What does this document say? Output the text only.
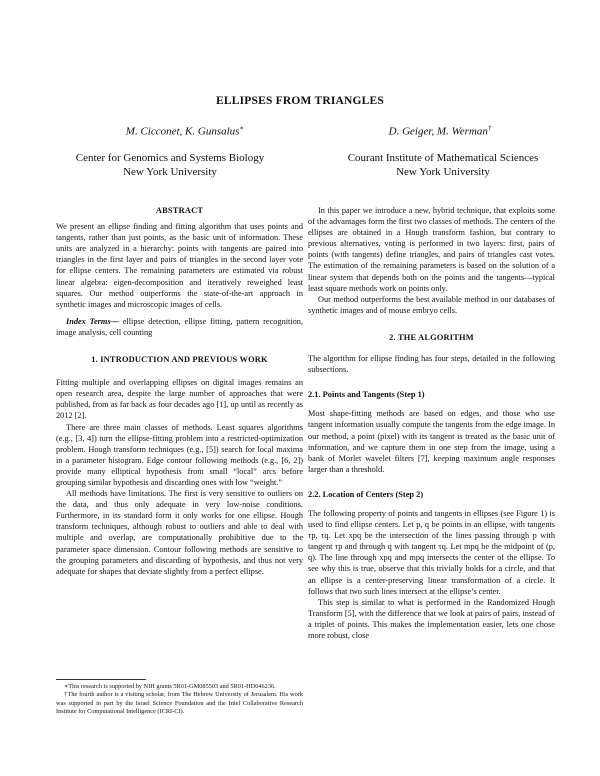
ELLIPSES FROM TRIANGLES
M. Cicconet, K. Gunsalus∗	D. Geiger, M. Werman†
Center for Genomics and Systems Biology
New York University
Courant Institute of Mathematical Sciences
New York University
ABSTRACT

We present an ellipse finding and fitting algorithm that uses points and tangents, rather than just points, as the basic unit of information. These units are analyzed in a hierarchy: points with tangents are paired into triangles in the first layer and pairs of triangles in the second layer vote for ellipse centers. The remaining parameters are estimated via robust linear algebra: eigen-decomposition and iteratively reweighed least squares. Our method outperforms the state-of-the-art approach in synthetic images and microscopic images of cells.

Index Terms— ellipse detection, ellipse fitting, pattern recognition, image analysis, cell counting

1. INTRODUCTION AND PREVIOUS WORK

Fitting multiple and overlapping ellipses on digital images remains an open research area, despite the large number of approaches that were published, from as far back as four decades ago [1], up until as recently as 2012 [2].

There are three main classes of methods. Least squares algorithms (e.g., [3, 4]) turn the ellipse-fitting problem into a restricted-optimization problem. Hough transform techniques (e.g., [5]) search for local maxima in a parameter histogram. Edge contour following methods (e.g., [6, 2]) provide many elliptical hypothesis from small “local” arcs before grouping similar hypothesis and discarding ones with low “weight.”

All methods have limitations. The first is very sensitive to outliers on the data, and thus only adequate in very low-noise conditions. Furthermore, in its standard form it only works for one ellipse. Hough transform techniques, although robust to outliers and able to deal with multiple and overlap, are computationally prohibitive due to the parameter space dimension. Contour following methods are sensitive to the grouping parameters and discarding of hypothesis, and thus not very adequate for shapes that deviate slightly from a perfect ellipse.

∗This research is supported by NIH grants 5R01-GM085503 and 5R01-HD046236.

†The fourth author is a visiting scholar, from The Hebrew University of Jerusalem. His work was supported in part by the Israel Science Foundation and the Intel Collaborative Research Institute for Computational Intelligence (ICRI-CI).

In this paper we introduce a new, hybrid technique, that exploits some of the advantages form the first two classes of methods. The centers of the ellipses are obtained in a Hough transform fashion, but contrary to previous alternatives, voting is performed in two layers: first, pairs of points (with tangents) define triangles, and pairs of triangles cast votes. The estimation of the remaining parameters is based on the solution of a linear system that depends both on the points and the tangents—typical least square methods work on points only.

Our method outperforms the best available method in our databases of synthetic images and of mouse embryo cells.

2. THE ALGORITHM

The algorithm for ellipse finding has four steps, detailed in the following subsections.

2.1. Points and Tangents (Step 1)

Most shape-fitting methods are based on edges, and those who use tangent information usually compute the tangents from the edge image. In our method, a point (pixel) with its tangent is treated as the basic unit of information, and we capture them in one step from the image, using a bank of Morlet wavelet filters [7], keeping maximum angle responses larger than a threshold.

2.2. Location of Centers (Step 2)

The following property of points and tangents in ellipses (see Figure 1) is used to find ellipse centers. Let p, q be points in an ellipse, with tangents τp, τq. Let xpq be the intersection of the lines passing through p with tangent τp and through q with tangent τq. Let mpq be the midpoint of (p, q). The line through xpq and mpq intersects the center of the ellipse. To see why this is true, observe that this trivially holds for a circle, and that an ellipse is a center-preserving linear transformation of a circle. It follows that two such lines intersect at the ellipse’s center.

This step is similar to what is performed in the Randomized Hough Transform [5], with the difference that we look at pairs of pairs, instead of a triplet of points. This makes the implementation easier, lets one chose more robust, close
